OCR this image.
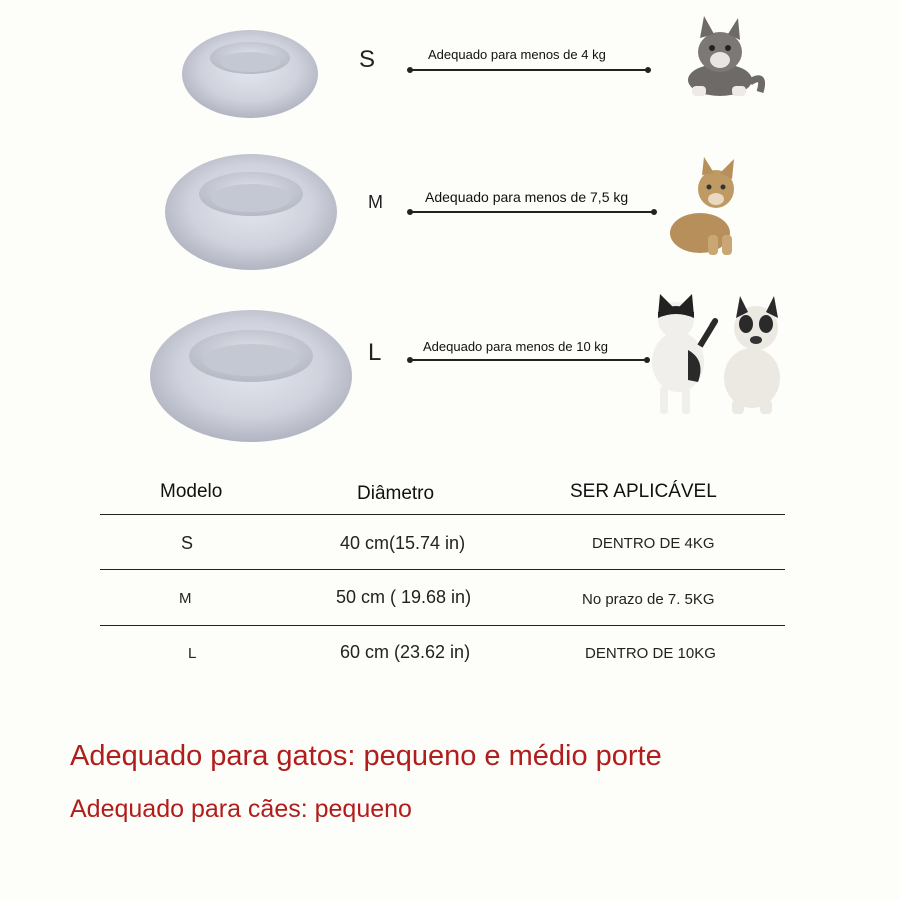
S	Adequado para menos de 4 kg
M	Adequado para menos de 7,5 kg
L	Adequado para menos de 10 kg
Modelo	Diâmetro	SER APLICÁVEL
S	40 cm(15.74 in)	DENTRO DE 4KG
M	50 cm ( 19.68 in)	No prazo de 7. 5KG
L	60 cm (23.62 in)	DENTRO DE 10KG
Adequado para gatos: pequeno e médio porte
Adequado para cães: pequeno
